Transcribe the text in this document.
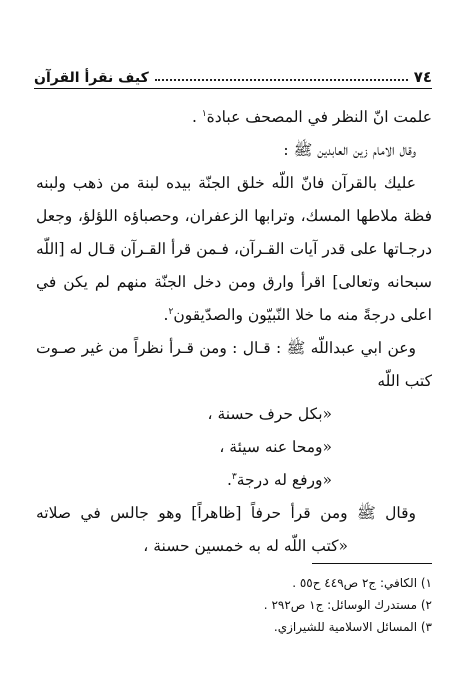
٧٤
كيف نقرأ القرآن
علمت انّ النظر في المصحف عبادة$^١$ .
وقال الامام زين العابدين ﷺ :
عليك بالقرآن فانّ اللّه خلق الجنّة بيده لبنة من ذهب ولبنه
فظة ملاطها المسك، وترابها الزعفران، وحصباؤه اللؤلؤ، وجعل
درجـاتها على قدر آيات القـرآن، فـمن قرأ القـرآن قـال له [اللّه
سبحانه وتعالى] اقرأ وارق ومن دخل الجنّة منهم لم يكن في
اعلى درجةً منه ما خلا النّبيّون والصدّيقون$^٢$.
وعن ابي عبداللّه ﷺ : قـال : ومن قـرأ نظراً من غير صـوت
كتب اللّه
«بكل حرف حسنة ،
«ومحا عنه سيئة ،
«ورفع له درجة$^٣$.
وقال ﷺ ومن قرأ حرفاً [ظاهراً] وهو جالس في صلاته
«كتب اللّه له به خمسين حسنة ،
١) الكافي: ج٢ ص٤٤٩ ح٥٥ .
٢) مستدرك الوسائل: ج١ ص٢٩٢ .
٣) المسائل الاسلامية للشيرازي.
